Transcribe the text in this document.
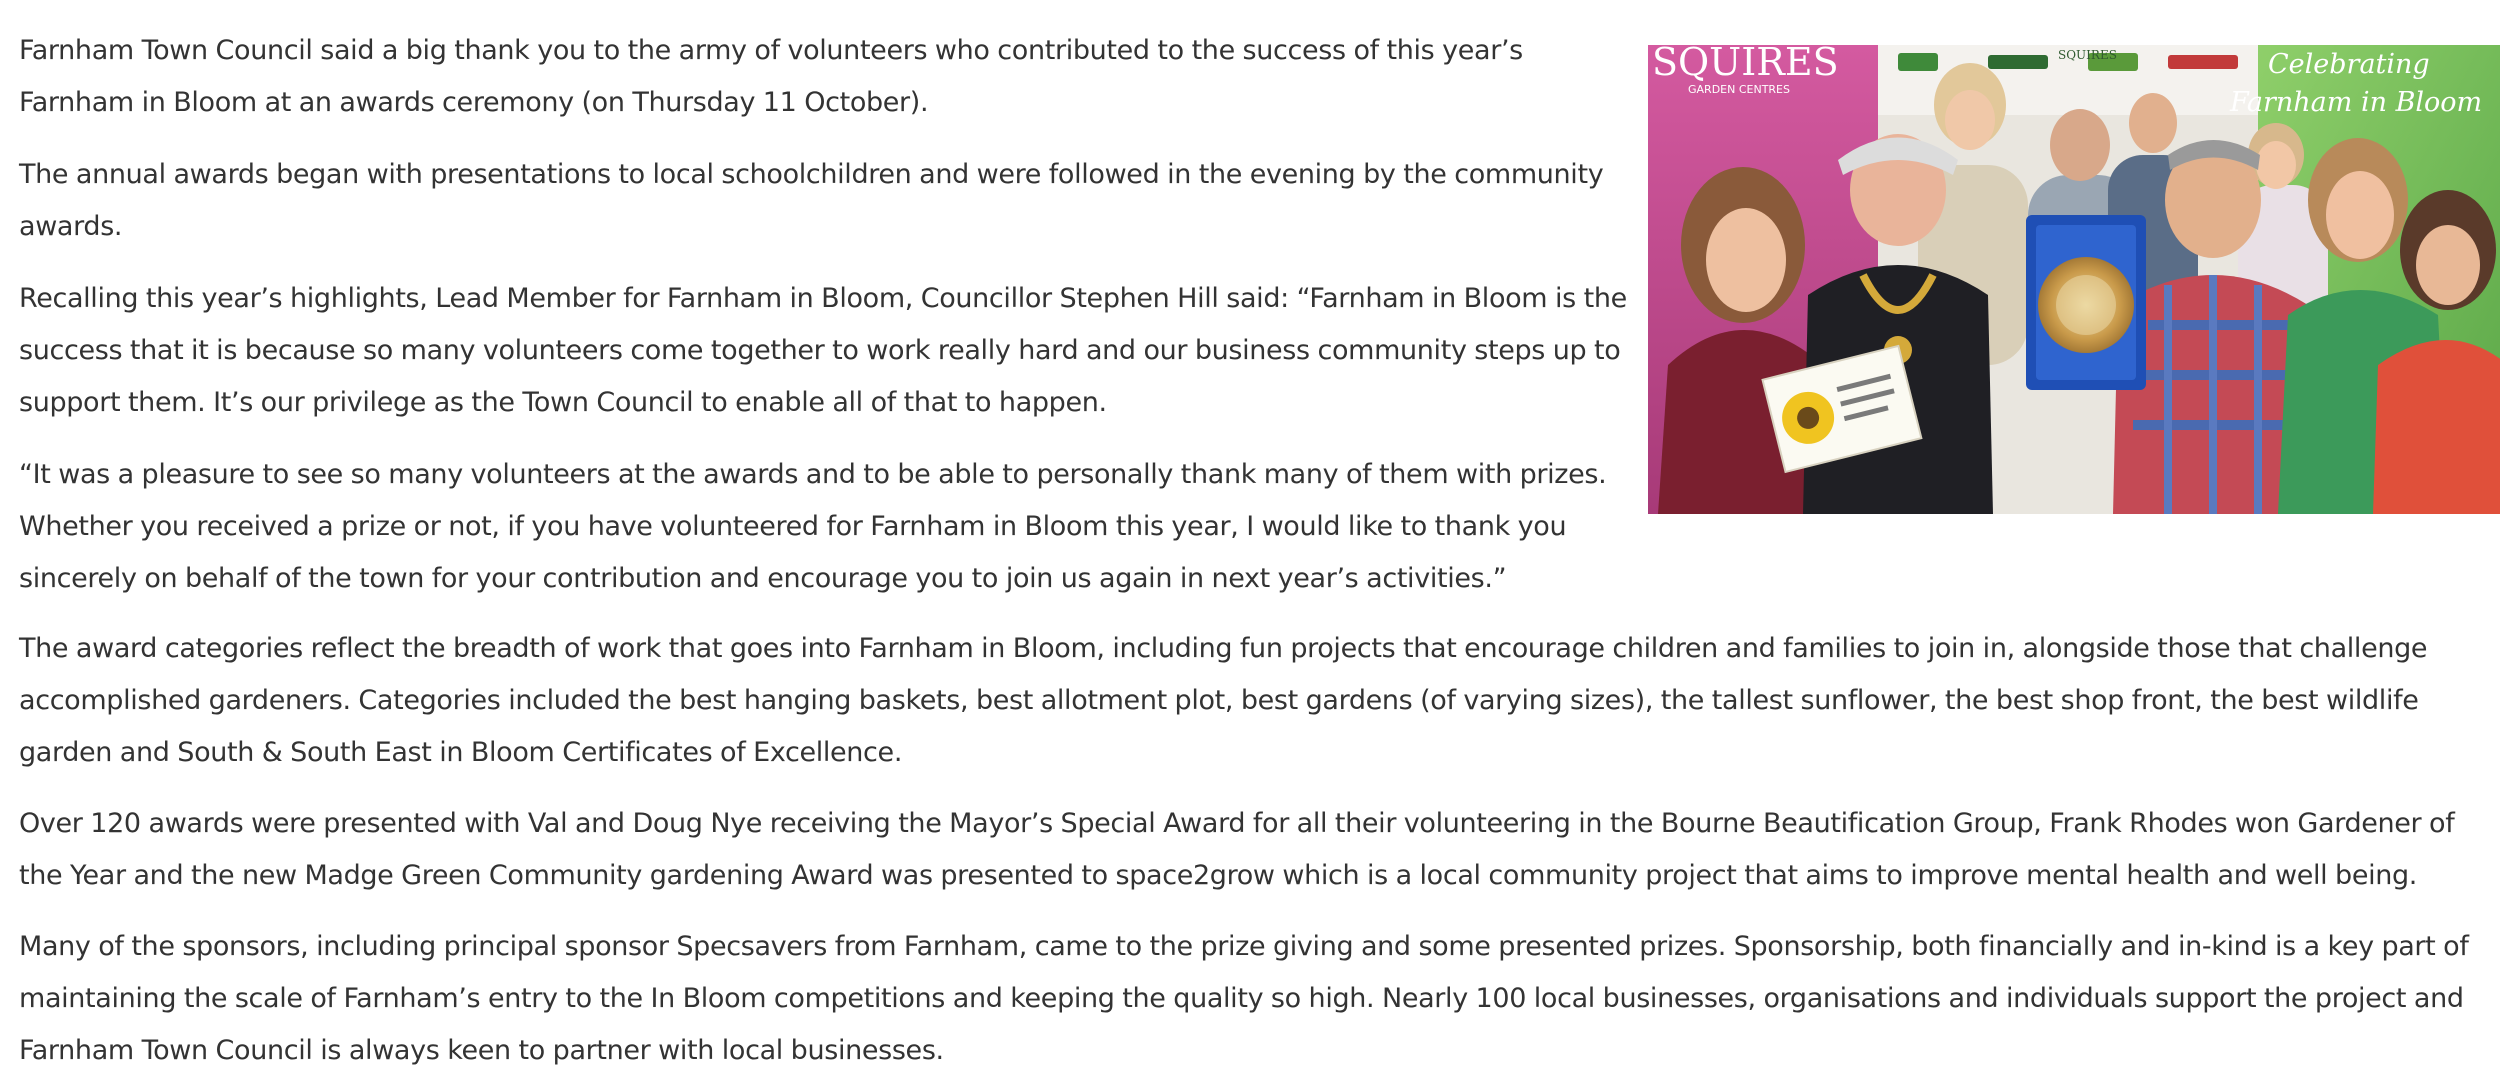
Farnham Town Council said a big thank you to the army of volunteers who contributed to the success of this year’s Farnham in Bloom at an awards ceremony (on Thursday 11 October).

The annual awards began with presentations to local schoolchildren and were followed in the evening by the community awards.

Recalling this year’s highlights, Lead Member for Farnham in Bloom, Councillor Stephen Hill said: “Farnham in Bloom is the success that it is because so many volunteers come together to work really hard and our business community steps up to support them. It’s our privilege as the Town Council to enable all of that to happen.

“It was a pleasure to see so many volunteers at the awards and to be able to personally thank many of them with prizes. Whether you received a prize or not, if you have volunteered for Farnham in Bloom this year, I would like to thank you sincerely on behalf of the town for your contribution and encourage you to join us again in next year’s activities.”

The award categories reflect the breadth of work that goes into Farnham in Bloom, including fun projects that encourage children and families to join in, alongside those that challenge accomplished gardeners. Categories included the best hanging baskets, best allotment plot, best gardens (of varying sizes), the tallest sunflower, the best shop front, the best wildlife garden and South & South East in Bloom Certificates of Excellence.

Over 120 awards were presented with Val and Doug Nye receiving the Mayor’s Special Award for all their volunteering in the Bourne Beautification Group, Frank Rhodes won Gardener of the Year and the new Madge Green Community gardening Award was presented to space2grow which is a local community project that aims to improve mental health and well being.

Many of the sponsors, including principal sponsor Specsavers from Farnham, came to the prize giving and some presented prizes. Sponsorship, both financially and in-kind is a key part of maintaining the scale of Farnham’s entry to the In Bloom competitions and keeping the quality so high. Nearly 100 local businesses, organisations and individuals support the project and Farnham Town Council is always keen to partner with local businesses.

SQUIRES
GARDEN CENTRES
SQUIRES	Celebrating
Farnham in Bloom
